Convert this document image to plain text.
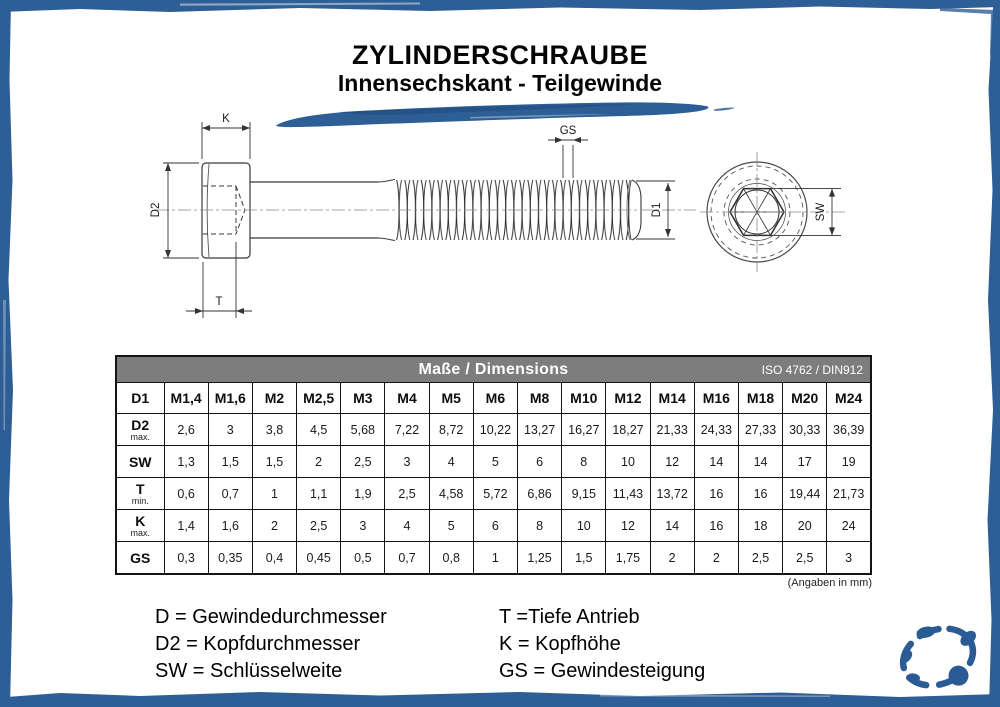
K
D2
T
GS
D1	SW
ZYLINDERSCHRAUBE
Innensechskant - Teilgewinde
Maße / Dimensions ISO 4762 / DIN912																

D1	M1,4	M1,6	M2	M2,5	M3	M4	M5	M6	M8	M10	M12	M14	M16	M18	M20	M24
D2
max.	2,6	3	3,8	4,5	5,68	7,22	8,72	10,22	13,27	16,27	18,27	21,33	24,33	27,33	30,33	36,39
SW	1,3	1,5	1,5	2	2,5	3	4	5	6	8	10	12	14	14	17	19
T
min.	0,6	0,7	1	1,1	1,9	2,5	4,58	5,72	6,86	9,15	11,43	13,72	16	16	19,44	21,73
K
max.	1,4	1,6	2	2,5	3	4	5	6	8	10	12	14	16	18	20	24
GS	0,3	0,35	0,4	0,45	0,5	0,7	0,8	1	1,25	1,5	1,75	2	2	2,5	2,5	3
(Angaben in mm)
D = Gewindedurchmesser
D2 = Kopfdurchmesser
SW = Schlüsselweite
T =Tiefe Antrieb
K = Kopfhöhe
GS = Gewindesteigung
